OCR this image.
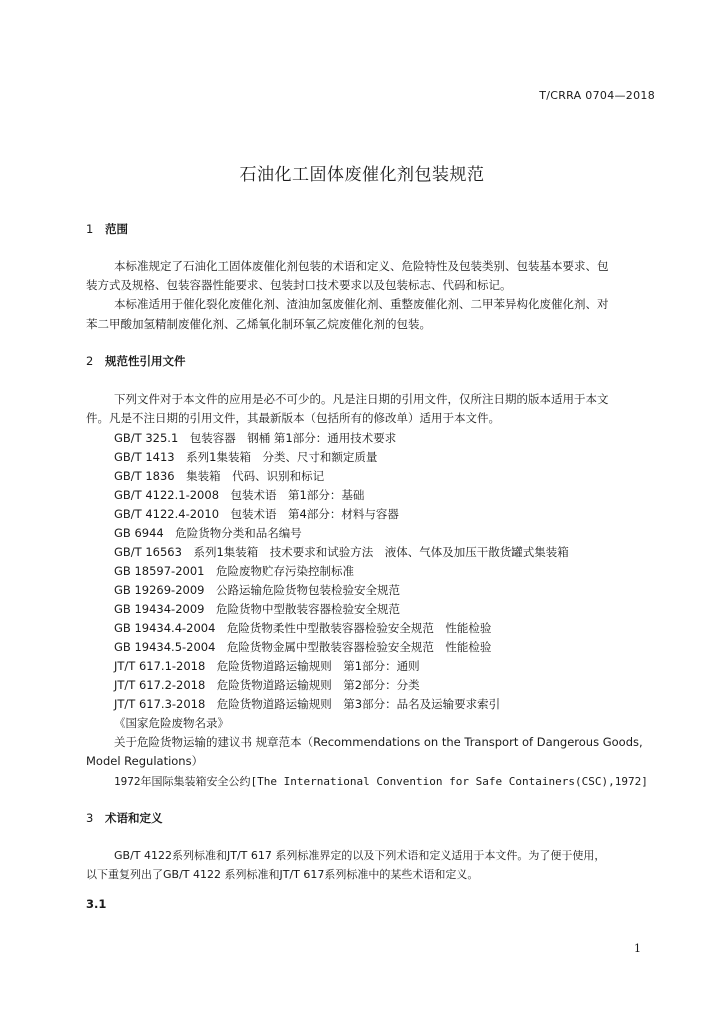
T/CRRA 0704—2018
石油化工固体废催化剂包装规范
1 范围
本标准规定了石油化工固体废催化剂包装的术语和定义、危险特性及包装类别、包装基本要求、包
装方式及规格、包装容器性能要求、包装封口技术要求以及包装标志、代码和标记。
本标准适用于催化裂化废催化剂、渣油加氢废催化剂、重整废催化剂、二甲苯异构化废催化剂、对
苯二甲酸加氢精制废催化剂、乙烯氧化制环氧乙烷废催化剂的包装。
2 规范性引用文件
下列文件对于本文件的应用是必不可少的。凡是注日期的引用文件，仅所注日期的版本适用于本文
件。凡是不注日期的引用文件，其最新版本（包括所有的修改单）适用于本文件。
GB/T 325.1　包装容器　钢桶 第1部分：通用技术要求
GB/T 1413　系列1集装箱　分类、尺寸和额定质量
GB/T 1836　集装箱　代码、识别和标记
GB/T 4122.1-2008　包装术语　第1部分：基础
GB/T 4122.4-2010　包装术语　第4部分：材料与容器
GB 6944　危险货物分类和品名编号
GB/T 16563　系列1集装箱　技术要求和试验方法　液体、气体及加压干散货罐式集装箱
GB 18597-2001　危险废物贮存污染控制标准
GB 19269-2009　公路运输危险货物包装检验安全规范
GB 19434-2009　危险货物中型散装容器检验安全规范
GB 19434.4-2004　危险货物柔性中型散装容器检验安全规范　性能检验
GB 19434.5-2004　危险货物金属中型散装容器检验安全规范　性能检验
JT/T 617.1-2018　危险货物道路运输规则　第1部分：通则
JT/T 617.2-2018　危险货物道路运输规则　第2部分：分类
JT/T 617.3-2018　危险货物道路运输规则　第3部分：品名及运输要求索引
《国家危险废物名录》
关于危险货物运输的建议书 规章范本（Recommendations on the Transport of Dangerous Goods,
Model Regulations）
1972年国际集装箱安全公约[The International Convention for Safe Containers(CSC),1972]
3 术语和定义
GB/T 4122系列标准和JT/T 617 系列标准界定的以及下列术语和定义适用于本文件。为了便于使用，
以下重复列出了GB/T 4122 系列标准和JT/T 617系列标准中的某些术语和定义。
3.1
1
